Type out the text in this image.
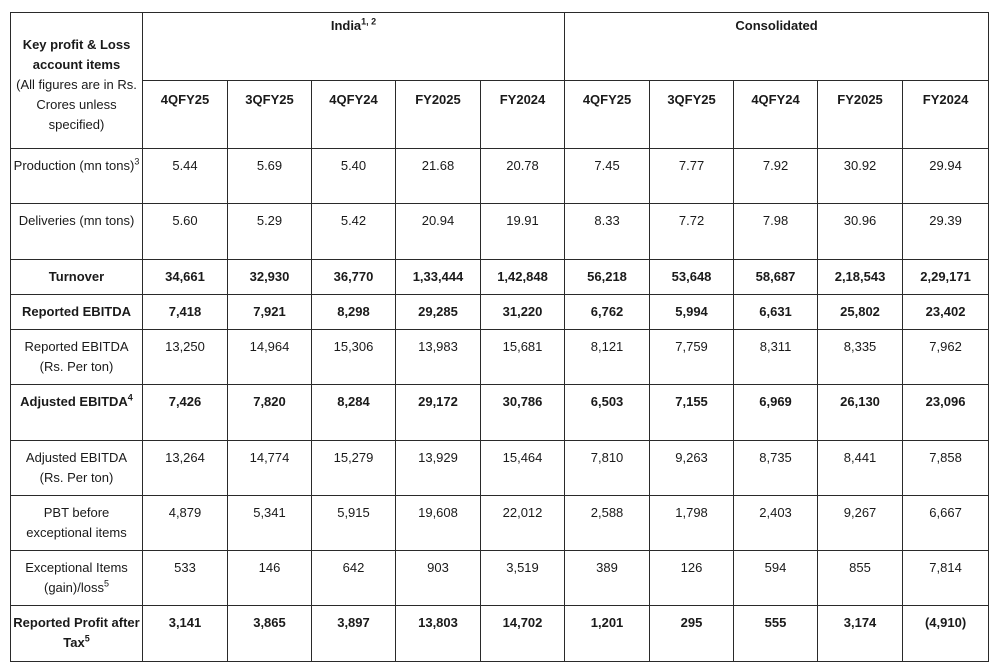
Key profit & Loss account items
(All figures are in Rs. Crores unless specified)	India$^{1, 2}$					Consolidated				

	4QFY25	3QFY25	4QFY24	FY2025	FY2024	4QFY25	3QFY25	4QFY24	FY2025	FY2024

Production (mn tons)$^3$	5.44	5.69	5.40	21.68	20.78	7.45	7.77	7.92	30.92	29.94

Deliveries (mn tons)	5.60	5.29	5.42	20.94	19.91	8.33	7.72	7.98	30.96	29.39

Turnover	34,661	32,930	36,770	1,33,444	1,42,848	56,218	53,648	58,687	2,18,543	2,29,171

Reported EBITDA	7,418	7,921	8,298	29,285	31,220	6,762	5,994	6,631	25,802	23,402

Reported EBITDA (Rs. Per ton)	13,250	14,964	15,306	13,983	15,681	8,121	7,759	8,311	8,335	7,962

Adjusted EBITDA$^4$	7,426	7,820	8,284	29,172	30,786	6,503	7,155	6,969	26,130	23,096

Adjusted EBITDA (Rs. Per ton)	13,264	14,774	15,279	13,929	15,464	7,810	9,263	8,735	8,441	7,858

PBT before exceptional items	4,879	5,341	5,915	19,608	22,012	2,588	1,798	2,403	9,267	6,667

Exceptional Items (gain)/loss$^5$	533	146	642	903	3,519	389	126	594	855	7,814

Reported Profit after Tax$^5$	3,141	3,865	3,897	13,803	14,702	1,201	295	555	3,174	(4,910)
